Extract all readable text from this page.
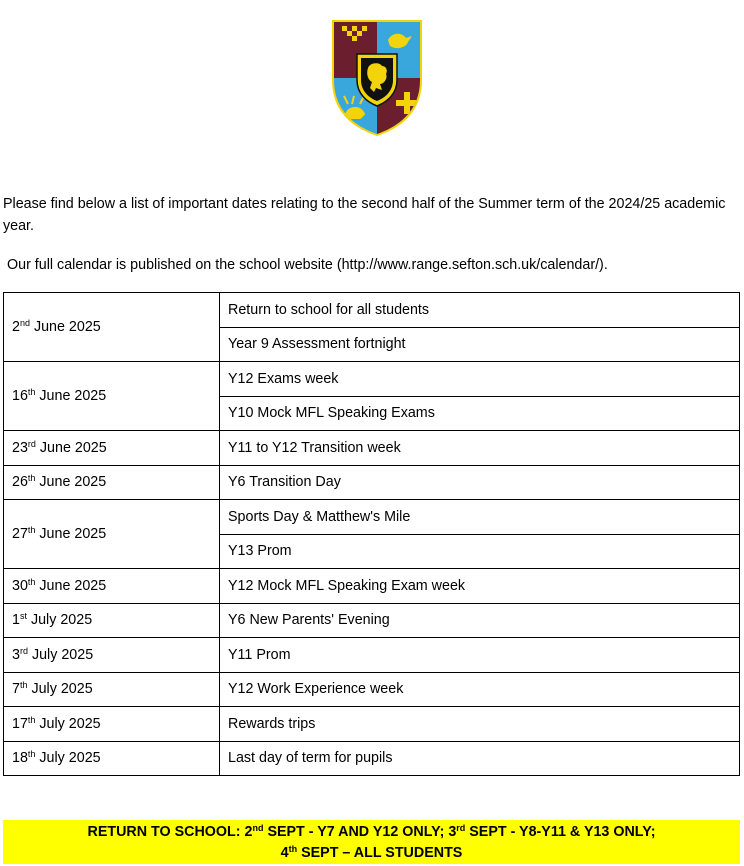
Please find below a list of important dates relating to the second half of the Summer term of the 2024/25 academic year.

Our full calendar is published on the school website (http://www.range.sefton.sch.uk/calendar/).

2nd June 2025	Return to school for all students
	Year 9 Assessment fortnight
16th June 2025	Y12 Exams week
	Y10 Mock MFL Speaking Exams
23rd June 2025	Y11 to Y12 Transition week
26th June 2025	Y6 Transition Day
27th June 2025	Sports Day & Matthew's Mile
	Y13 Prom
30th June 2025	Y12 Mock MFL Speaking Exam week
1st July 2025	Y6 New Parents' Evening
3rd July 2025	Y11 Prom
7th July 2025	Y12 Work Experience week
17th July 2025	Rewards trips
18th July 2025	Last day of term for pupils
RETURN TO SCHOOL: 2nd SEPT - Y7 AND Y12 ONLY; 3rd SEPT - Y8-Y11 & Y13 ONLY;
4th SEPT – ALL STUDENTS
